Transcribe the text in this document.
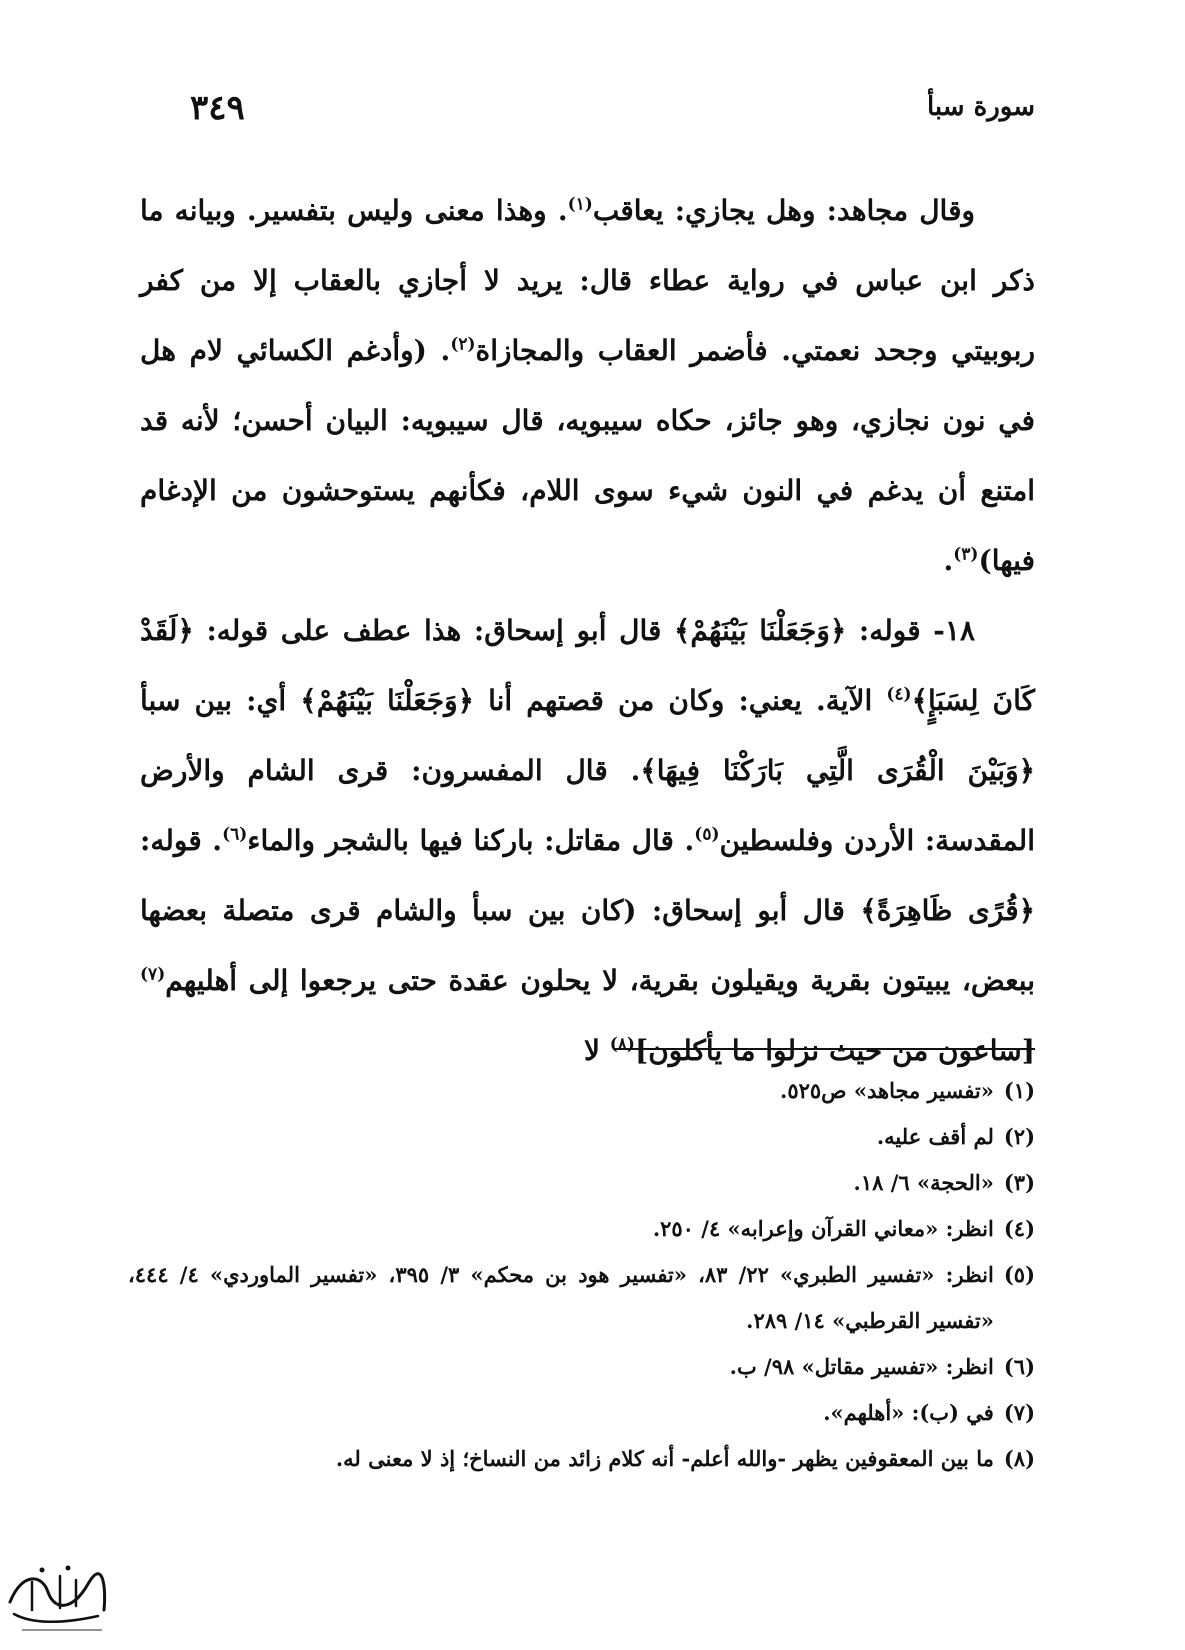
سورة سبأ
٣٤٩

وقال مجاهد: وهل يجازي: يعاقب$^{(١)}$. وهذا معنى وليس بتفسير. وبيانه ما ذكر ابن عباس في رواية عطاء قال: يريد لا أجازي بالعقاب إلا من كفر ربوبيتي وجحد نعمتي. فأضمر العقاب والمجازاة$^{(٢)}$. (وأدغم الكسائي لام هل في نون نجازي، وهو جائز، حكاه سيبويه، قال سيبويه: البيان أحسن؛ لأنه قد امتنع أن يدغم في النون شيء سوى اللام، فكأنهم يستوحشون من الإدغام فيها)$^{(٣)}$.

١٨- قوله: ﴿وَجَعَلْنَا بَيْنَهُمْ﴾ قال أبو إسحاق: هذا عطف على قوله: ﴿لَقَدْ كَانَ لِسَبَإٍ﴾$^{(٤)}$ الآية. يعني: وكان من قصتهم أنا ﴿وَجَعَلْنَا بَيْنَهُمْ﴾ أي: بين سبأ ﴿وَبَيْنَ الْقُرَى الَّتِي بَارَكْنَا فِيهَا﴾. قال المفسرون: قرى الشام والأرض المقدسة: الأردن وفلسطين$^{(٥)}$. قال مقاتل: باركنا فيها بالشجر والماء$^{(٦)}$. قوله: ﴿قُرًى ظَاهِرَةً﴾ قال أبو إسحاق: (كان بين سبأ والشام قرى متصلة بعضها ببعض، يبيتون بقرية ويقيلون بقرية، لا يحلون عقدة حتى يرجعوا إلى أهليهم$^{(٧)}$ [ساعون من حيث نزلوا ما يأكلون]$^{(٨)}$ لا

(١)
«تفسير مجاهد» ص٥٢٥.
(٢)
لم أقف عليه.
(٣)
«الحجة» ٦/ ١٨.
(٤)
انظر: «معاني القرآن وإعرابه» ٤/ ٢٥٠.
(٥)
انظر: «تفسير الطبري» ٢٢/ ٨٣، «تفسير هود بن محكم» ٣/ ٣٩٥، «تفسير الماوردي» ٤/ ٤٤٤، «تفسير القرطبي» ١٤/ ٢٨٩.
(٦)
انظر: «تفسير مقاتل» ٩٨/ ب.
(٧)
في (ب): «أهلهم».
(٨)
ما بين المعقوفين يظهر -والله أعلم- أنه كلام زائد من النساخ؛ إذ لا معنى له.
